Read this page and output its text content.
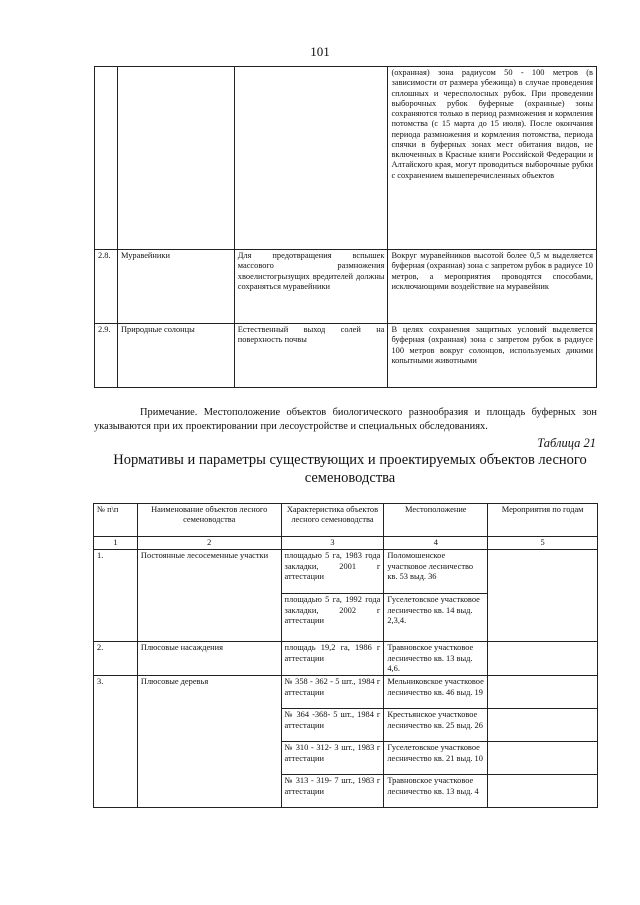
101
			(охранная) зона радиусом 50 - 100 метров (в зависимости от размера убежища) в случае проведения сплошных и чересполосных рубок. При проведении выборочных рубок буферные (охранные) зоны сохраняются только в период размножения и кормления потомства (с 15 марта до 15 июля). После окончания периода размножения и кормления потомства, периода спячки в буферных зонах мест обитания видов, не включенных в Красные книги Российской Федерации и Алтайского края, могут проводиться выборочные рубки с сохранением вышеперечисленных объектов
2.8.	Муравейники	Для предотвращения вспышек массового размножения хвоелистогрызущих вредителей должны сохраняться муравейники	Вокруг муравейников высотой более 0,5 м выделяется буферная (охранная) зона с запретом рубок в радиусе 10 метров, а мероприятия проводятся способами, исключающими воздействие на муравейник
2.9.	Природные солонцы	Естественный выход солей на поверхность почвы	В целях сохранения защитных условий выделяется буферная (охранная) зона с запретом рубок в радиусе 100 метров вокруг солонцов, используемых дикими копытными животными
Примечание. Местоположение объектов биологического разнообразия и площадь буферных зон указываются при их проектировании при лесоустройстве и специальных обследованиях.
Таблица 21
Нормативы и параметры существующих и проектируемых объектов лесного семеноводства
№ п\п	Наименование объектов лесного семеноводства	Характеристика объектов лесного семеноводства	Местоположение	Мероприятия по годам
1	2	3	4	5
1.	Постоянные лесосеменные участки	площадью 5 га, 1983 года закладки, 2001 г аттестации	Поломошенское участковое лесничество кв. 53 выд. 36	
		площадью 5 га, 1992 года закладки, 2002 г аттестации	Гуселетовское участковое лесничество кв. 14 выд. 2,3,4.	
2.	Плюсовые насаждения	площадь 19,2 га, 1986 г аттестации	Травновское участковое лесничество кв. 13 выд. 4,6.	
3.	Плюсовые деревья	№ 358 - 362 - 5 шт., 1984 г аттестации	Мельниковское участковое лесничество кв. 46 выд. 19	
		№ 364 -368- 5 шт., 1984 г аттестации	Крестьянское участковое лесничество кв. 25 выд. 26	
		№ 310 - 312- 3 шт., 1983 г аттестации	Гуселетовское участковое лесничество кв. 21 выд. 10	
		№ 313 - 319- 7 шт., 1983 г аттестации	Травновское участковое лесничество кв. 13 выд. 4	
